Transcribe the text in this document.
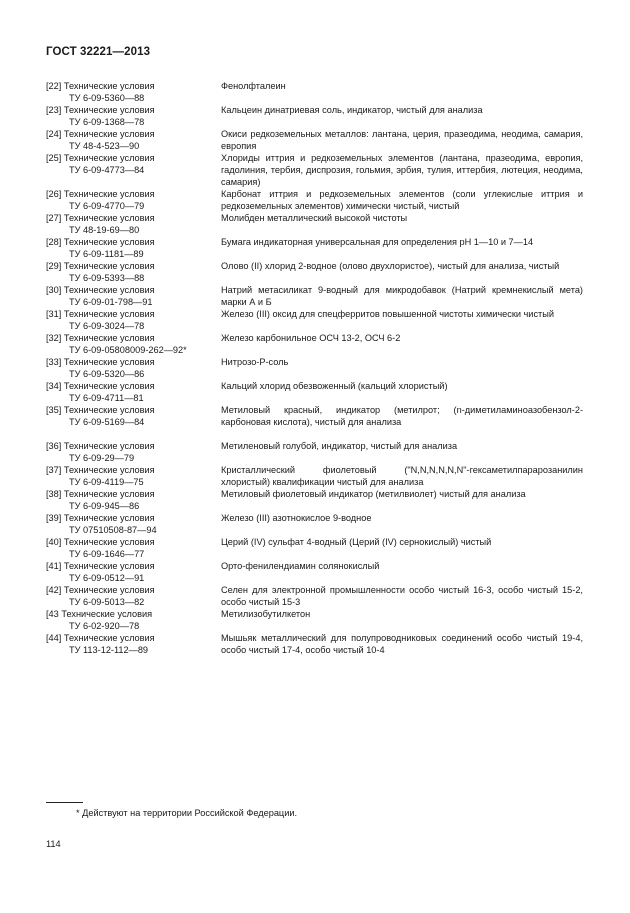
ГОСТ 32221—2013
[22] Технические условия
ТУ 6-09-5360—88
Фенолфталеин
[23] Технические условия
ТУ 6-09-1368—78
Кальцеин динатриевая соль, индикатор, чистый для анализа
[24] Технические условия
ТУ 48-4-523—90
Окиси редкоземельных металлов: лантана, церия, празеодима, неодима, самария, европия
[25] Технические условия
ТУ 6-09-4773—84
Хлориды иттрия и редкоземельных элементов (лантана, празеодима, европия, гадолиния, тербия, диспрозия, гольмия, эрбия, тулия, иттербия, лютеция, неодима, самария)
[26] Технические условия
ТУ 6-09-4770—79
Карбонат иттрия и редкоземельных элементов (соли углекислые иттрия и редкоземельных элементов) химически чистый, чистый
[27] Технические условия
ТУ 48-19-69—80
Молибден металлический высокой чистоты
[28] Технические условия
ТУ 6-09-1181—89
Бумага индикаторная универсальная для определения pH 1—10 и 7—14
[29] Технические условия
ТУ 6-09-5393—88
Олово (II) хлорид 2-водное (олово двухлористое), чистый для анализа, чистый
[30] Технические условия
ТУ 6-09-01-798—91
Натрий метасиликат 9-водный для микродобавок (Натрий кремнекислый мета) марки А и Б
[31] Технические условия
ТУ 6-09-3024—78
Железо (III) оксид для спецферритов повышенной чистоты химически чистый
[32] Технические условия
ТУ 6-09-05808009-262—92*
Железо карбонильное ОСЧ 13-2, ОСЧ 6-2
[33] Технические условия
ТУ 6-09-5320—86
Нитрозо-Р-соль
[34] Технические условия
ТУ 6-09-4711—81
Кальций хлорид обезвоженный (кальций хлористый)
[35] Технические условия
ТУ 6-09-5169—84
Метиловый красный, индикатор (метилрот; (n-диметиламиноазобензол-2-карбоновая кислота), чистый для анализа
[36] Технические условия
ТУ 6-09-29—79
Метиленовый голубой, индикатор, чистый для анализа
[37] Технические условия
ТУ 6-09-4119—75
Кристаллический фиолетовый ("N,N,N,N,N,N"-гексаметилпарарозанилин хлористый) квалификации чистый для анализа
[38] Технические условия
ТУ 6-09-945—86
Метиловый фиолетовый индикатор (метилвиолет) чистый для анализа
[39] Технические условия
ТУ 07510508-87—94
Железо (III) азотнокислое 9-водное
[40] Технические условия
ТУ 6-09-1646—77
Церий (IV) сульфат 4-водный (Церий (IV) сернокислый) чистый
[41] Технические условия
ТУ 6-09-0512—91
Орто-фенилендиамин солянокислый
[42] Технические условия
ТУ 6-09-5013—82
Селен для электронной промышленности особо чистый 16-3, особо чистый 15-2, особо чистый 15-3
[43 Технические условия
ТУ 6-02-920—78
Метилизобутилкетон
[44] Технические условия
ТУ 113-12-112—89
Мышьяк металлический для полупроводниковых соединений особо чистый 19-4, особо чистый 17-4, особо чистый 10-4
* Действуют на территории Российской Федерации.
114
